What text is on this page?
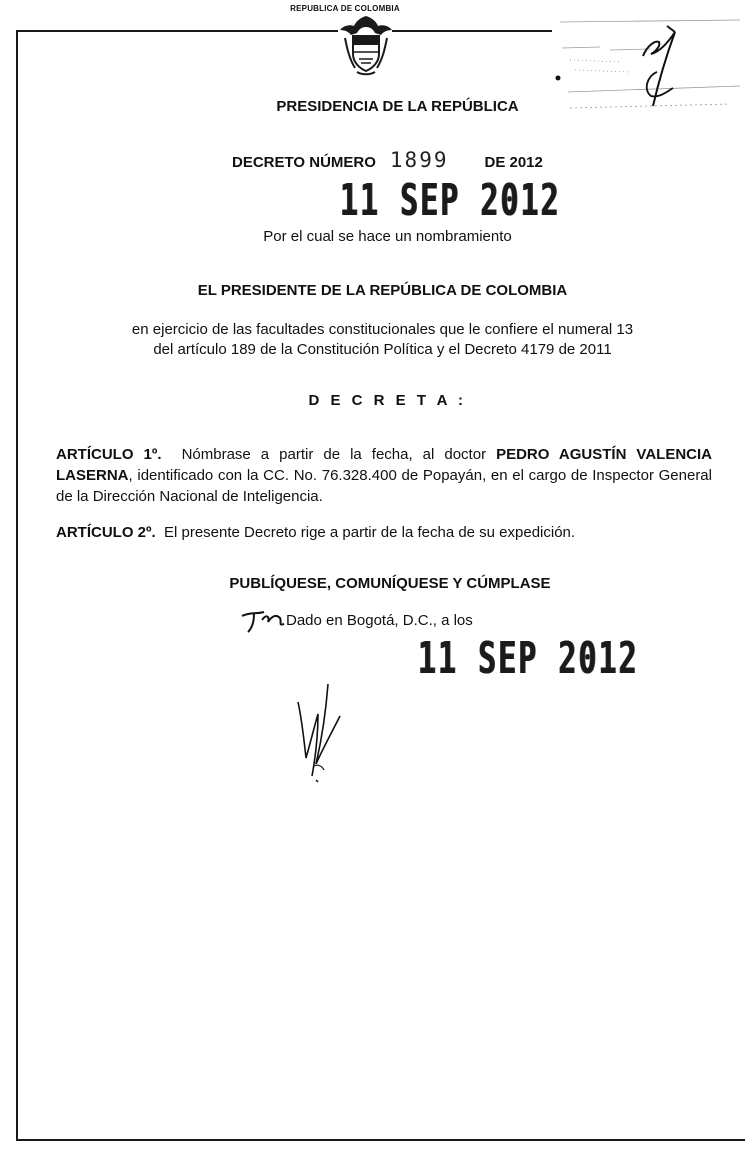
REPUBLICA DE COLOMBIA
PRESIDENCIA DE LA REPÚBLICA
DECRETO NÚMERO 1899 DE 2012
11 SEP 2012
Por el cual se hace un nombramiento
EL PRESIDENTE DE LA REPÚBLICA DE COLOMBIA
en ejercicio de las facultades constitucionales que le confiere el numeral 13
del artículo 189 de la Constitución Política y el Decreto 4179 de 2011
D E C R E T A :
ARTÍCULO 1º. Nómbrase a partir de la fecha, al doctor PEDRO AGUSTÍN VALENCIA LASERNA, identificado con la CC. No. 76.328.400 de Popayán, en el cargo de Inspector General de la Dirección Nacional de Inteligencia.
ARTÍCULO 2º. El presente Decreto rige a partir de la fecha de su expedición.
PUBLÍQUESE, COMUNÍQUESE Y CÚMPLASE
Dado en Bogotá, D.C., a los
11 SEP 2012
